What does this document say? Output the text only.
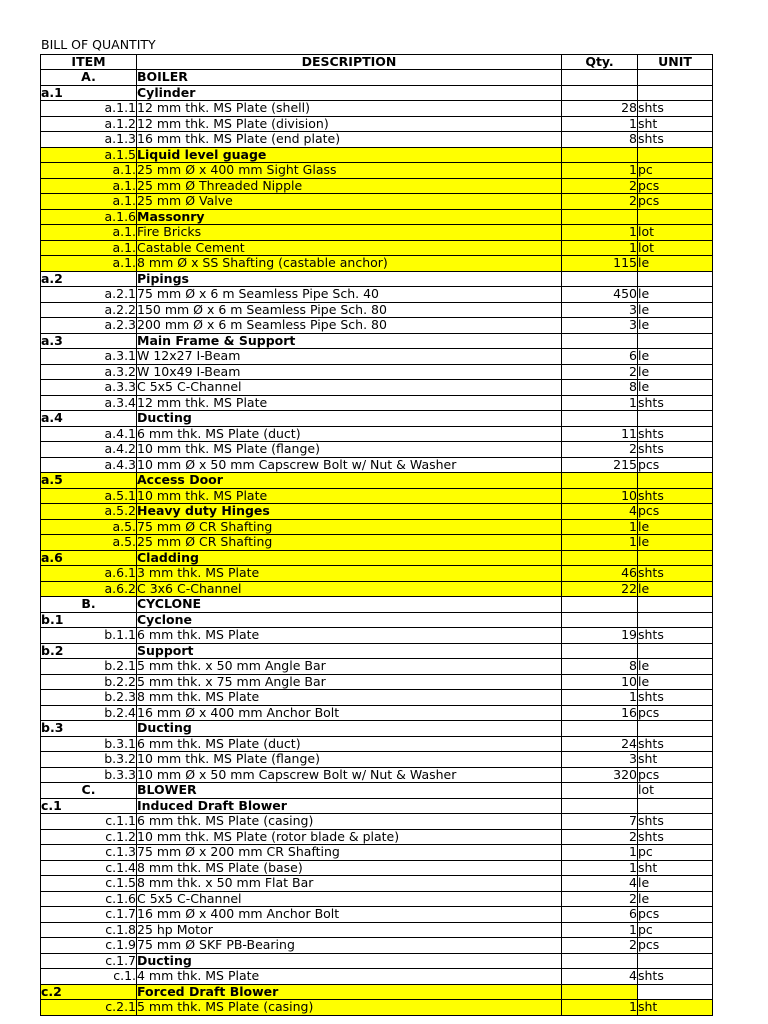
BILL OF QUANTITY
ITEM	DESCRIPTION	Qty.	UNIT
A.	BOILER		
a.1	Cylinder		
a.1.1	12 mm thk. MS Plate (shell)	28	shts
a.1.2	12 mm thk. MS Plate (division)	1	sht
a.1.3	16 mm thk. MS Plate (end plate)	8	shts
a.1.5	Liquid level guage		
a.1.	25 mm Ø x 400 mm Sight Glass	1	pc
a.1.	25 mm Ø Threaded Nipple	2	pcs
a.1.	25 mm Ø Valve	2	pcs
a.1.6	Massonry		
a.1.	Fire Bricks	1	lot
a.1.	Castable Cement	1	lot
a.1.	8 mm Ø x SS Shafting (castable anchor)	115	le
a.2	Pipings		
a.2.1	75 mm Ø x 6 m Seamless Pipe Sch. 40	450	le
a.2.2	150 mm Ø x 6 m Seamless Pipe Sch. 80	3	le
a.2.3	200 mm Ø x 6 m Seamless Pipe Sch. 80	3	le
a.3	Main Frame & Support		
a.3.1	W 12x27 I-Beam	6	le
a.3.2	W 10x49 I-Beam	2	le
a.3.3	C 5x5 C-Channel	8	le
a.3.4	12 mm thk. MS Plate	1	shts
a.4	Ducting		
a.4.1	6 mm thk. MS Plate (duct)	11	shts
a.4.2	10 mm thk. MS Plate (flange)	2	shts
a.4.3	10 mm Ø x 50 mm Capscrew Bolt w/ Nut & Washer	215	pcs
a.5	Access Door		
a.5.1	10 mm thk. MS Plate	10	shts
a.5.2	Heavy duty Hinges	4	pcs
a.5.	75 mm Ø CR Shafting	1	le
a.5.	25 mm Ø CR Shafting	1	le
a.6	Cladding		
a.6.1	3 mm thk. MS Plate	46	shts
a.6.2	C 3x6 C-Channel	22	le
B.	CYCLONE		
b.1	Cyclone		
b.1.1	6 mm thk. MS Plate	19	shts
b.2	Support		
b.2.1	5 mm thk. x 50 mm Angle Bar	8	le
b.2.2	5 mm thk. x 75 mm Angle Bar	10	le
b.2.3	8 mm thk. MS Plate	1	shts
b.2.4	16 mm Ø x 400 mm Anchor Bolt	16	pcs
b.3	Ducting		
b.3.1	6 mm thk. MS Plate (duct)	24	shts
b.3.2	10 mm thk. MS Plate (flange)	3	sht
b.3.3	10 mm Ø x 50 mm Capscrew Bolt w/ Nut & Washer	320	pcs
C.	BLOWER		lot
c.1	Induced Draft Blower		
c.1.1	6 mm thk. MS Plate (casing)	7	shts
c.1.2	10 mm thk. MS Plate (rotor blade & plate)	2	shts
c.1.3	75 mm Ø x 200 mm CR Shafting	1	pc
c.1.4	8 mm thk. MS Plate (base)	1	sht
c.1.5	8 mm thk. x 50 mm Flat Bar	4	le
c.1.6	C 5x5 C-Channel	2	le
c.1.7	16 mm Ø x 400 mm Anchor Bolt	6	pcs
c.1.8	25 hp Motor	1	pc
c.1.9	75 mm Ø SKF PB-Bearing	2	pcs
c.1.7	Ducting		
c.1.	4 mm thk. MS Plate	4	shts
c.2	Forced Draft Blower		
c.2.1	5 mm thk. MS Plate (casing)	1	sht
